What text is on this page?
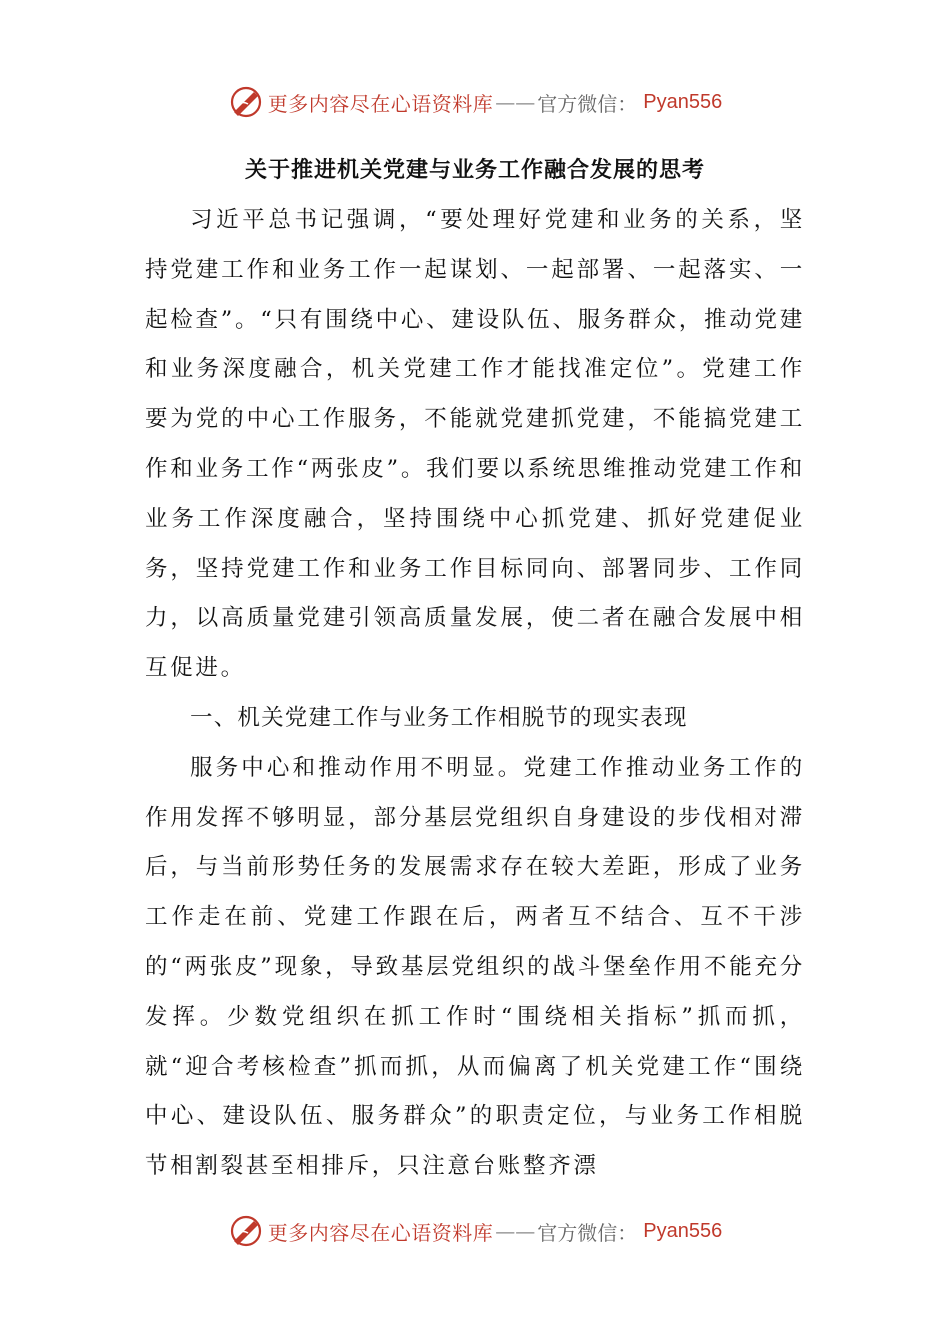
更多内容尽在心语资料库 —— 官方微信： Pyan556
关于推进机关党建与业务工作融合发展的思考

习近平总书记强调，“要处理好党建和业务的关系，坚持党建工作和业务工作一起谋划、一起部署、一起落实、一起检查”。“只有围绕中心、建设队伍、服务群众，推动党建和业务深度融合，机关党建工作才能找准定位”。党建工作要为党的中心工作服务，不能就党建抓党建，不能搞党建工作和业务工作“两张皮”。我们要以系统思维推动党建工作和业务工作深度融合，坚持围绕中心抓党建、抓好党建促业务，坚持党建工作和业务工作目标同向、部署同步、工作同力，以高质量党建引领高质量发展，使二者在融合发展中相互促进。

一、机关党建工作与业务工作相脱节的现实表现

服务中心和推动作用不明显。党建工作推动业务工作的作用发挥不够明显，部分基层党组织自身建设的步伐相对滞后，与当前形势任务的发展需求存在较大差距，形成了业务工作走在前、党建工作跟在后，两者互不结合、互不干涉的“两张皮”现象，导致基层党组织的战斗堡垒作用不能充分发挥。少数党组织在抓工作时“围绕相关指标”抓而抓，就“迎合考核检查”抓而抓，从而偏离了机关党建工作“围绕中心、建设队伍、服务群众”的职责定位，与业务工作相脱节相割裂甚至相排斥，只注意台账整齐漂

更多内容尽在心语资料库 —— 官方微信： Pyan556
